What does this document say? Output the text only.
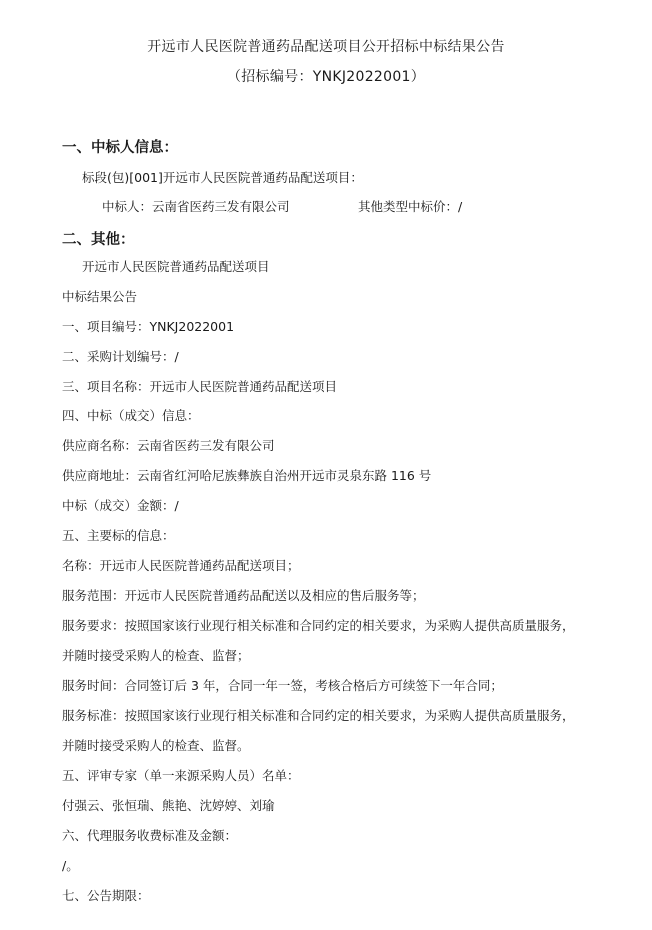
开远市人民医院普通药品配送项目公开招标中标结果公告
（招标编号：YNKJ2022001）
一、中标人信息：
标段(包)[001]开远市人民医院普通药品配送项目：
中标人：云南省医药三发有限公司	其他类型中标价：/
二、其他：
开远市人民医院普通药品配送项目
中标结果公告
一、项目编号：YNKJ2022001
二、采购计划编号：/
三、项目名称：开远市人民医院普通药品配送项目
四、中标（成交）信息：
供应商名称：云南省医药三发有限公司
供应商地址：云南省红河哈尼族彝族自治州开远市灵泉东路 116 号
中标（成交）金额：/
五、主要标的信息：
名称：开远市人民医院普通药品配送项目；
服务范围：开远市人民医院普通药品配送以及相应的售后服务等；
服务要求：按照国家该行业现行相关标准和合同约定的相关要求，为采购人提供高质量服务，
并随时接受采购人的检查、监督；
服务时间：合同签订后 3 年，合同一年一签，考核合格后方可续签下一年合同；
服务标准：按照国家该行业现行相关标准和合同约定的相关要求，为采购人提供高质量服务，
并随时接受采购人的检查、监督。
五、评审专家（单一来源采购人员）名单：
付强云、张恒瑞、熊艳、沈婷婷、刘瑜
六、代理服务收费标准及金额：
/。
七、公告期限：
